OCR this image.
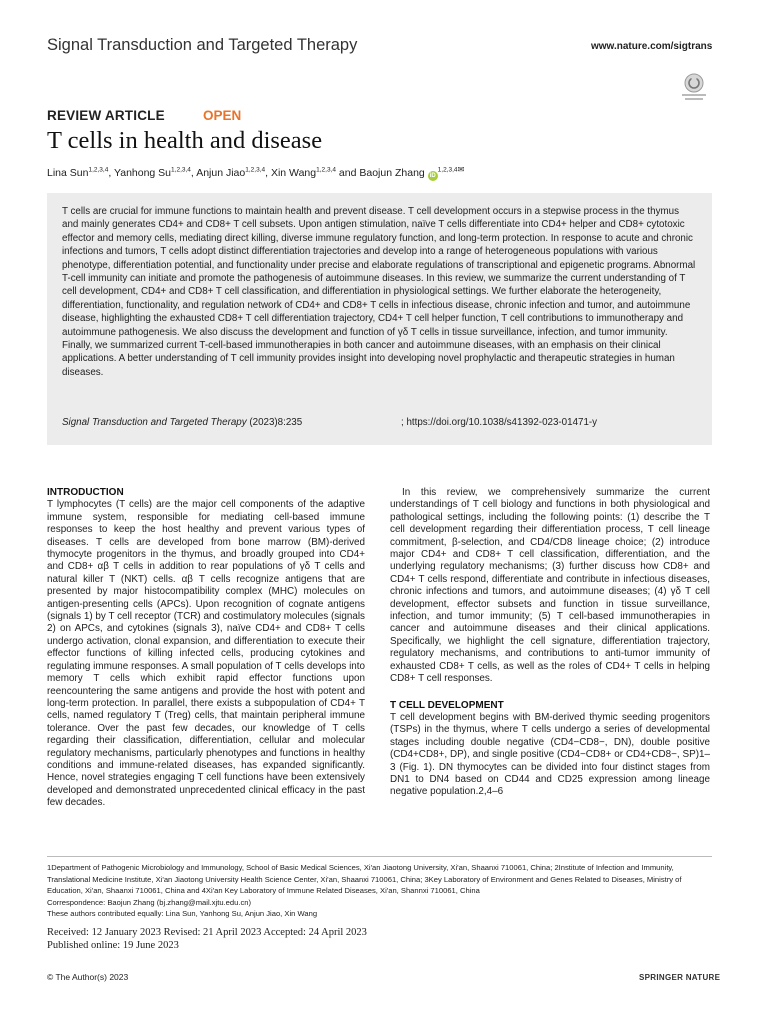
Signal Transduction and Targeted Therapy	www.nature.com/sigtrans
REVIEW ARTICLE	OPEN
T cells in health and disease
Lina Sun$^{1,2,3,4}$, Yanhong Su$^{1,2,3,4}$, Anjun Jiao$^{1,2,3,4}$, Xin Wang$^{1,2,3,4}$ and Baojun Zhang $iD^{1,2,3,4✉}$
T cells are crucial for immune functions to maintain health and prevent disease. T cell development occurs in a stepwise process in the thymus and mainly generates CD4+ and CD8+ T cell subsets. Upon antigen stimulation, naïve T cells differentiate into CD4+ helper and CD8+ cytotoxic effector and memory cells, mediating direct killing, diverse immune regulatory function, and long-term protection. In response to acute and chronic infections and tumors, T cells adopt distinct differentiation trajectories and develop into a range of heterogeneous populations with various phenotype, differentiation potential, and functionality under precise and elaborate regulations of transcriptional and epigenetic programs. Abnormal T-cell immunity can initiate and promote the pathogenesis of autoimmune diseases. In this review, we summarize the current understanding of T cell development, CD4+ and CD8+ T cell classification, and differentiation in physiological settings. We further elaborate the heterogeneity, differentiation, functionality, and regulation network of CD4+ and CD8+ T cells in infectious disease, chronic infection and tumor, and autoimmune disease, highlighting the exhausted CD8+ T cell differentiation trajectory, CD4+ T cell helper function, T cell contributions to immunotherapy and autoimmune pathogenesis. We also discuss the development and function of γδ T cells in tissue surveillance, infection, and tumor immunity. Finally, we summarized current T-cell-based immunotherapies in both cancer and autoimmune diseases, with an emphasis on their clinical applications. A better understanding of T cell immunity provides insight into developing novel prophylactic and therapeutic strategies in human diseases.
Signal Transduction and Targeted Therapy (2023)8:235	; https://doi.org/10.1038/s41392-023-01471-y

INTRODUCTION

T lymphocytes (T cells) are the major cell components of the adaptive immune system, responsible for mediating cell-based immune responses to keep the host healthy and prevent various types of diseases. T cells are developed from bone marrow (BM)-derived thymocyte progenitors in the thymus, and broadly grouped into CD4+ and CD8+ αβ T cells in addition to rear populations of γδ T cells and natural killer T (NKT) cells. αβ T cells recognize antigens that are presented by major histocompatibility complex (MHC) molecules on antigen-presenting cells (APCs). Upon recognition of cognate antigens (signals 1) by T cell receptor (TCR) and costimulatory molecules (signals 2) on APCs, and cytokines (signals 3), naïve CD4+ and CD8+ T cells undergo activation, clonal expansion, and differentiation to execute their effector functions of killing infected cells, producing cytokines and regulating immune responses. A small population of T cells develops into memory T cells which exhibit rapid effector functions upon reencountering the same antigens and provide the host with potent and long-term protection. In parallel, there exists a subpopulation of CD4+ T cells, named regulatory T (Treg) cells, that maintain peripheral immune tolerance. Over the past few decades, our knowledge of T cells regarding their classification, differentiation, cellular and molecular regulatory mechanisms, particularly phenotypes and functions in healthy conditions and immune-related diseases, has expanded significantly. Hence, novel strategies engaging T cell functions have been extensively developed and demonstrated unprecedented clinical efficacy in the past few decades.

In this review, we comprehensively summarize the current understandings of T cell biology and functions in both physiological and pathological settings, including the following points: (1) describe the T cell development regarding their differentiation process, T cell lineage commitment, β-selection, and CD4/CD8 lineage choice; (2) introduce major CD4+ and CD8+ T cell classification, differentiation, and the underlying regulatory mechanisms; (3) further discuss how CD8+ and CD4+ T cells respond, differentiate and contribute in infectious diseases, chronic infections and tumors, and autoimmune diseases; (4) γδ T cell development, effector subsets and function in tissue surveillance, infection, and tumor immunity; (5) T cell-based immunotherapies in cancer and autoimmune diseases and their clinical applications. Specifically, we highlight the cell signature, differentiation trajectory, regulatory mechanisms, and contributions to anti-tumor immunity of exhausted CD8+ T cells, as well as the roles of CD4+ T cells in helping CD8+ T cell responses.

T CELL DEVELOPMENT

T cell development begins with BM-derived thymic seeding progenitors (TSPs) in the thymus, where T cells undergo a series of developmental stages including double negative (CD4−CD8−, DN), double positive (CD4+CD8+, DP), and single positive (CD4−CD8+ or CD4+CD8−, SP)1–3 (Fig. 1). DN thymocytes can be divided into four distinct stages from DN1 to DN4 based on CD44 and CD25 expression among lineage negative population.2,4–6

1Department of Pathogenic Microbiology and Immunology, School of Basic Medical Sciences, Xi'an Jiaotong University, Xi'an, Shaanxi 710061, China; 2Institute of Infection and Immunity, Translational Medicine Institute, Xi'an Jiaotong University Health Science Center, Xi'an, Shaanxi 710061, China; 3Key Laboratory of Environment and Genes Related to Diseases, Ministry of Education, Xi'an, Shaanxi 710061, China and 4Xi'an Key Laboratory of Immune Related Diseases, Xi'an, Shannxi 710061, China
Correspondence: Baojun Zhang (bj.zhang@mail.xjtu.edu.cn)
These authors contributed equally: Lina Sun, Yanhong Su, Anjun Jiao, Xin Wang
Received: 12 January 2023 Revised: 21 April 2023 Accepted: 24 April 2023
Published online: 19 June 2023
© The Author(s) 2023	SPRINGER NATURE
